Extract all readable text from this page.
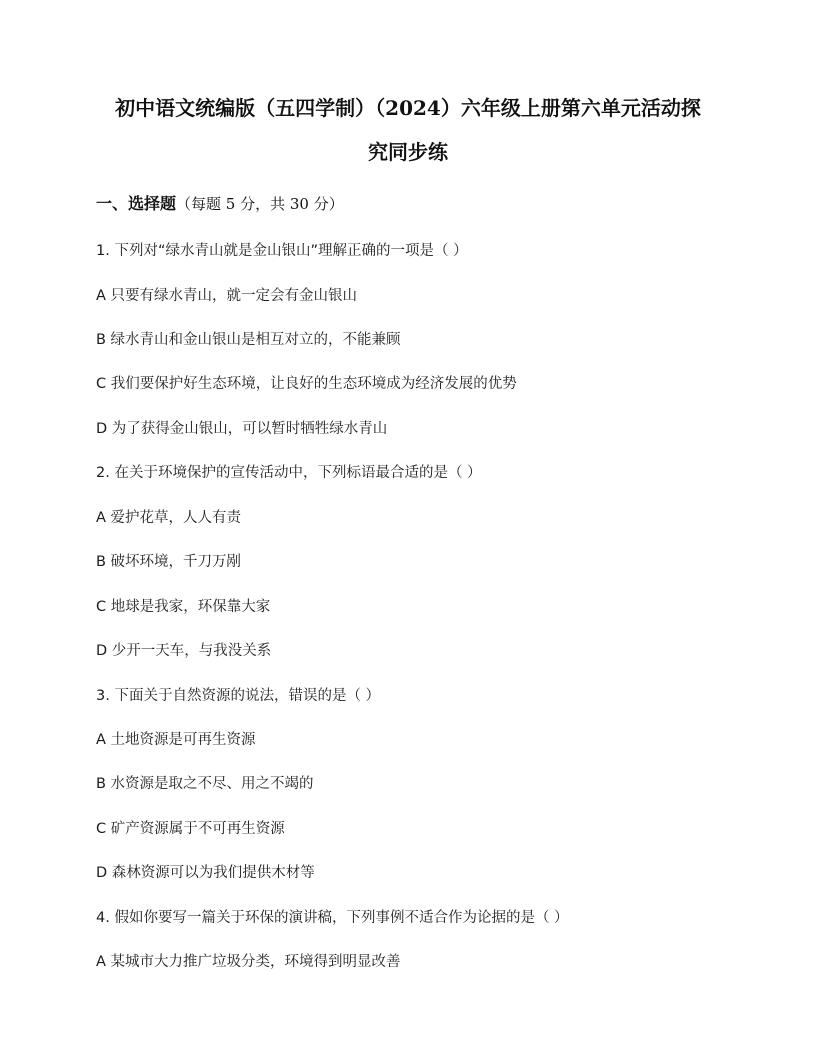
初中语文统编版（五四学制）（2024）六年级上册第六单元活动探
究同步练
一、选择题（每题 5 分，共 30 分）
1. 下列对“绿水青山就是金山银山”理解正确的一项是（ ）
A 只要有绿水青山，就一定会有金山银山
B 绿水青山和金山银山是相互对立的，不能兼顾
C 我们要保护好生态环境，让良好的生态环境成为经济发展的优势
D 为了获得金山银山，可以暂时牺牲绿水青山
2. 在关于环境保护的宣传活动中，下列标语最合适的是（ ）
A 爱护花草，人人有责
B 破坏环境，千刀万剐
C 地球是我家，环保靠大家
D 少开一天车，与我没关系
3. 下面关于自然资源的说法，错误的是（ ）
A 土地资源是可再生资源
B 水资源是取之不尽、用之不竭的
C 矿产资源属于不可再生资源
D 森林资源可以为我们提供木材等
4. 假如你要写一篇关于环保的演讲稿，下列事例不适合作为论据的是（ ）
A 某城市大力推广垃圾分类，环境得到明显改善
